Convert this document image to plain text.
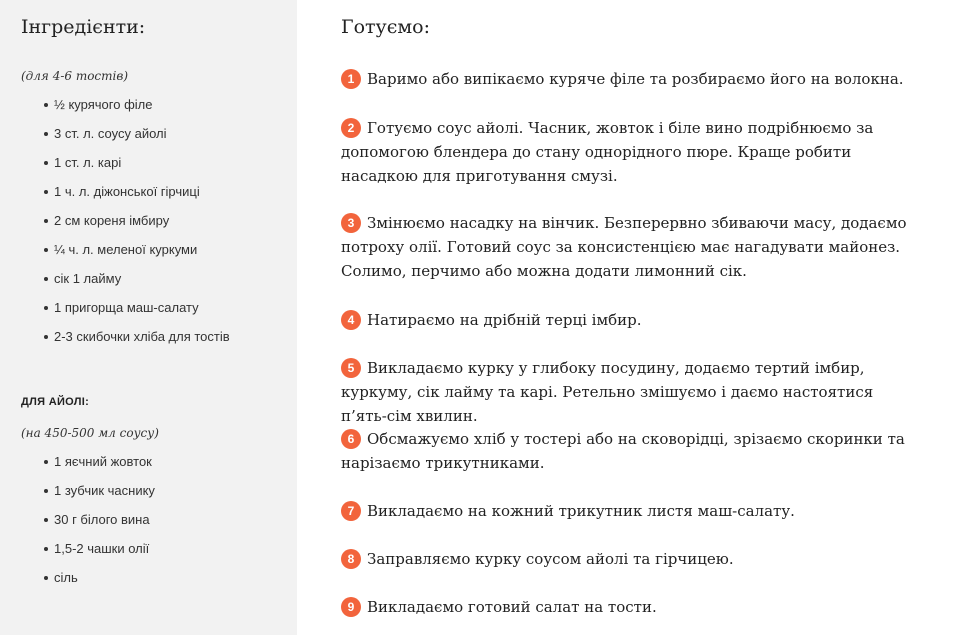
Інгредієнти:

(для 4-6 тостів)

½ курячого філе
3 ст. л. соусу айолі
1 ст. л. карі
1 ч. л. діжонської гірчиці
2 см кореня імбиру
¼ ч. л. меленої куркуми
сік 1 лайму
1 пригорща маш-салату
2-3 скибочки хліба для тостів

ДЛЯ АЙОЛІ:

(на 450-500 мл соусу)

1 яєчний жовток
1 зубчик часнику
30 г білого вина
1,5-2 чашки олії
сіль
Готуємо:

1 Варимо або випікаємо куряче філе та розбираємо його на волокна.

2 Готуємо соус айолі. Часник, жовток і біле вино подрібнюємо за допомогою блендера до стану однорідного пюре. Краще робити насадкою для приготування смузі.

3 Змінюємо насадку на вінчик. Безперервно збиваючи масу, додаємо потроху олії. Готовий соус за консистенцією має нагадувати майонез. Солимо, перчимо або можна додати лимонний сік.

4 Натираємо на дрібній терці імбир.

5 Викладаємо курку у глибоку посудину, додаємо тертий імбир, куркуму, сік лайму та карі. Ретельно змішуємо і даємо настоятися п’ять-сім хвилин.

6 Обсмажуємо хліб у тостері або на сковорідці, зрізаємо скоринки та нарізаємо трикутниками.

7 Викладаємо на кожний трикутник листя маш-салату.

8 Заправляємо курку соусом айолі та гірчицею.

9 Викладаємо готовий салат на тости.
